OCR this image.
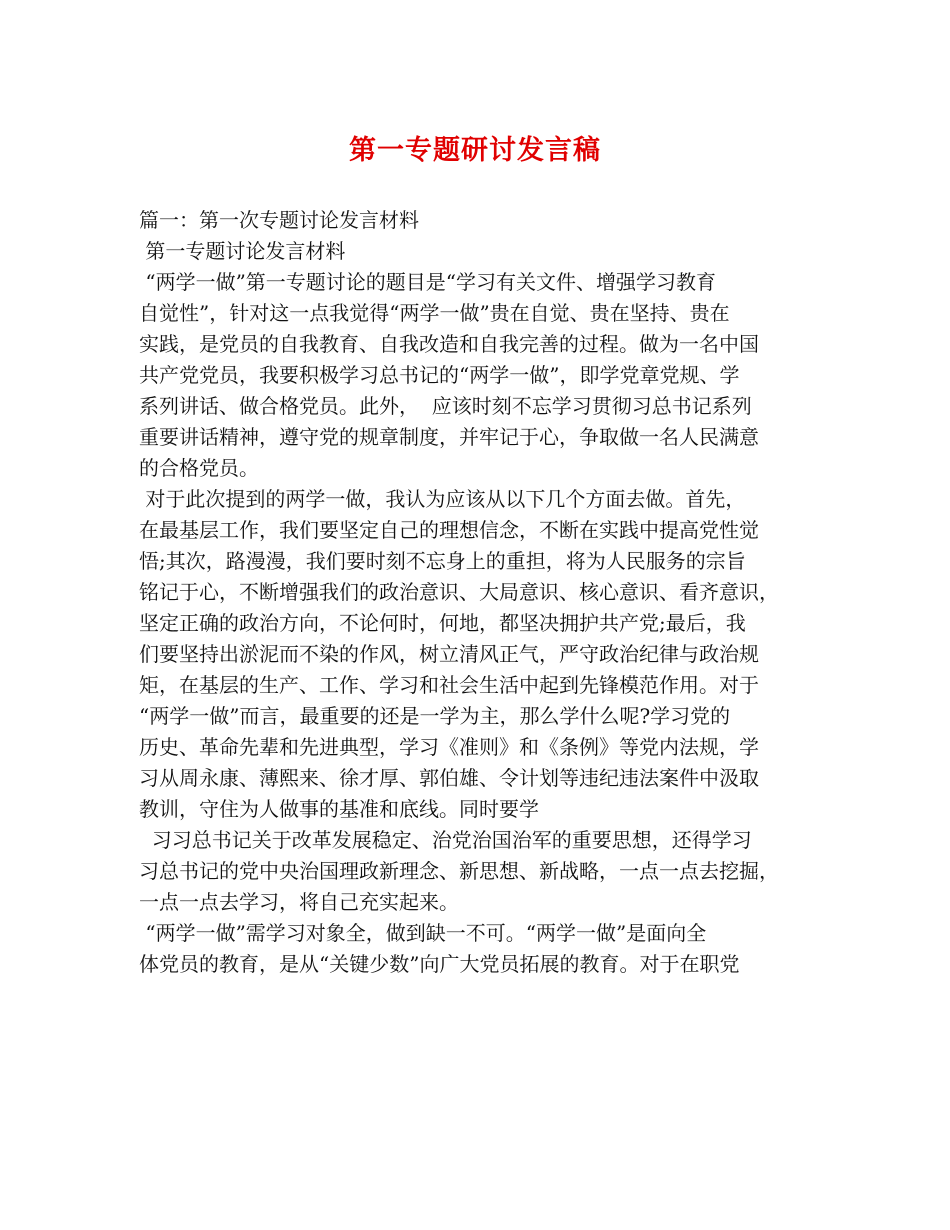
第一专题研讨发言稿
篇一：第一次专题讨论发言材料
第一专题讨论发言材料
“两学一做”第一专题讨论的题目是“学习有关文件、增强学习教育
自觉性”，针对这一点我觉得“两学一做”贵在自觉、贵在坚持、贵在
实践，是党员的自我教育、自我改造和自我完善的过程。做为一名中国
共产党党员，我要积极学习总书记的“两学一做”，即学党章党规、学
系列讲话、做合格党员。此外，  应该时刻不忘学习贯彻习总书记系列
重要讲话精神，遵守党的规章制度，并牢记于心，争取做一名人民满意
的合格党员。
对于此次提到的两学一做，我认为应该从以下几个方面去做。首先，
在最基层工作，我们要坚定自己的理想信念，不断在实践中提高党性觉
悟;其次，路漫漫，我们要时刻不忘身上的重担，将为人民服务的宗旨
铭记于心，不断增强我们的政治意识、大局意识、核心意识、看齐意识，
坚定正确的政治方向，不论何时，何地，都坚决拥护共产党;最后，我
们要坚持出淤泥而不染的作风，树立清风正气，严守政治纪律与政治规
矩，在基层的生产、工作、学习和社会生活中起到先锋模范作用。对于
“两学一做”而言，最重要的还是一学为主，那么学什么呢?学习党的
历史、革命先辈和先进典型，学习《准则》和《条例》等党内法规，学
习从周永康、薄熙来、徐才厚、郭伯雄、令计划等违纪违法案件中汲取
教训，守住为人做事的基准和底线。同时要学
习习总书记关于改革发展稳定、治党治国治军的重要思想，还得学习
习总书记的党中央治国理政新理念、新思想、新战略，一点一点去挖掘，
一点一点去学习，将自己充实起来。
“两学一做”需学习对象全，做到缺一不可。“两学一做”是面向全
体党员的教育，是从“关键少数”向广大党员拓展的教育。对于在职党
